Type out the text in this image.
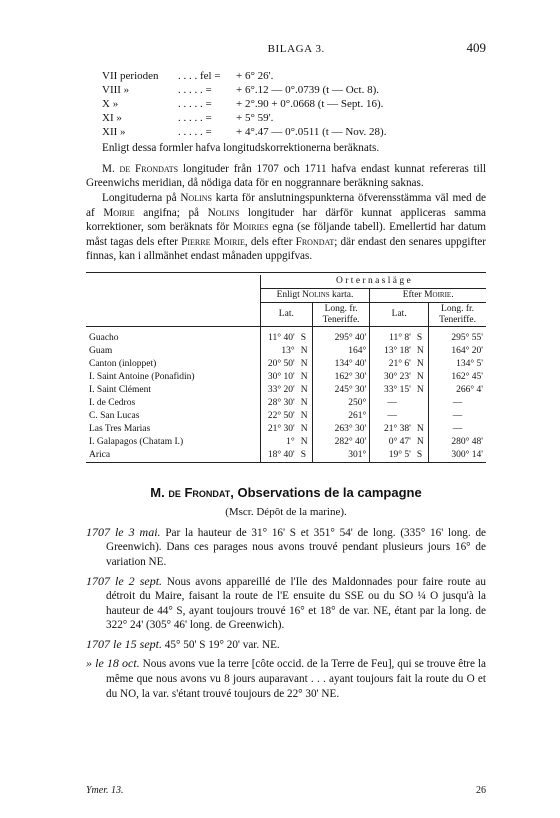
BILAGA 3.	409
VII perioden	. . . . fel =	+ 6° 26'.
VIII »	. . . . . =	+ 6°.12 — 0°.0739 (t — Oct. 8).
X »	. . . . . =	+ 2°.90 + 0°.0668 (t — Sept. 16).
XI »	. . . . . =	+ 5° 59'.
XII »	. . . . . =	+ 4°.47 — 0°.0511 (t — Nov. 28).

Enligt dessa formler hafva longitudskorrektionerna beräknats.

M. de Frondats longituder från 1707 och 1711 hafva endast kunnat refereras till Greenwichs meridian, då nödiga data för en noggrannare beräkning saknas.

Longituderna på Nolins karta för anslutningspunkterna öfverensstämma väl med de af Moirie angifna; på Nolins longituder har därför kunnat appliceras samma korrektioner, som beräknats för Moiries egna (se följande tabell). Emellertid har datum måst tagas dels efter Pierre Moirie, dels efter Frondat; där endast den senares uppgifter finnas, kan i allmänhet endast månaden uppgifvas.

	O r t e r n a s l ä g e					
	Enligt Nolins karta.			Efter Moirie.		
	Lat.		Long. fr. Teneriffe.	Lat.		Long. fr. Teneriffe.

Guacho	11° 40'	S	295° 40'	11° 8'	S	295° 55'
Guam	13°	N	164°	13° 18'	N	164° 20'
Canton (inloppet)	20° 50'	N	134° 40'	21° 6'	N	134° 5'
I. Saint Antoine (Ponafidin)	30° 10'	N	162° 30'	30° 23'	N	162° 45'
I. Saint Clément	33° 20'	N	245° 30'	33° 15'	N	266° 4'
I. de Cedros	28° 30'	N	250°	—		—
C. San Lucas	22° 50'	N	261°	—		—
Las Tres Marias	21° 30'	N	263° 30'	21° 38'	N	—
I. Galapagos (Chatam I.)	1°	N	282° 40'	0° 47'	N	280° 48'
Arica	18° 40'	S	301°	19° 5'	S	300° 14'
M. de Frondat, Observations de la campagne
(Mscr. Dépôt de la marine).
1707 le 3 mai. Par la hauteur de 31° 16' S et 351° 54' de long. (335° 16' long. de Greenwich). Dans ces parages nous avons trouvé pendant plusieurs jours 16° de variation NE.
1707 le 2 sept. Nous avons appareillé de l'Ile des Maldonnades pour faire route au détroit du Maire, faisant la route de l'E ensuite du SSE ou du SO ¼ O jusqu'à la hauteur de 44° S, ayant toujours trouvé 16° et 18° de var. NE, étant par la long. de 322° 24' (305° 46' long. de Greenwich).
1707 le 15 sept. 45° 50' S 19° 20' var. NE.
» le 18 oct. Nous avons vue la terre [côte occid. de la Terre de Feu], qui se trouve être la même que nous avons vu 8 jours auparavant . . . ayant toujours fait la route du O et du NO, la var. s'étant trouvé toujours de 22° 30' NE.
Ymer. 13.	26
